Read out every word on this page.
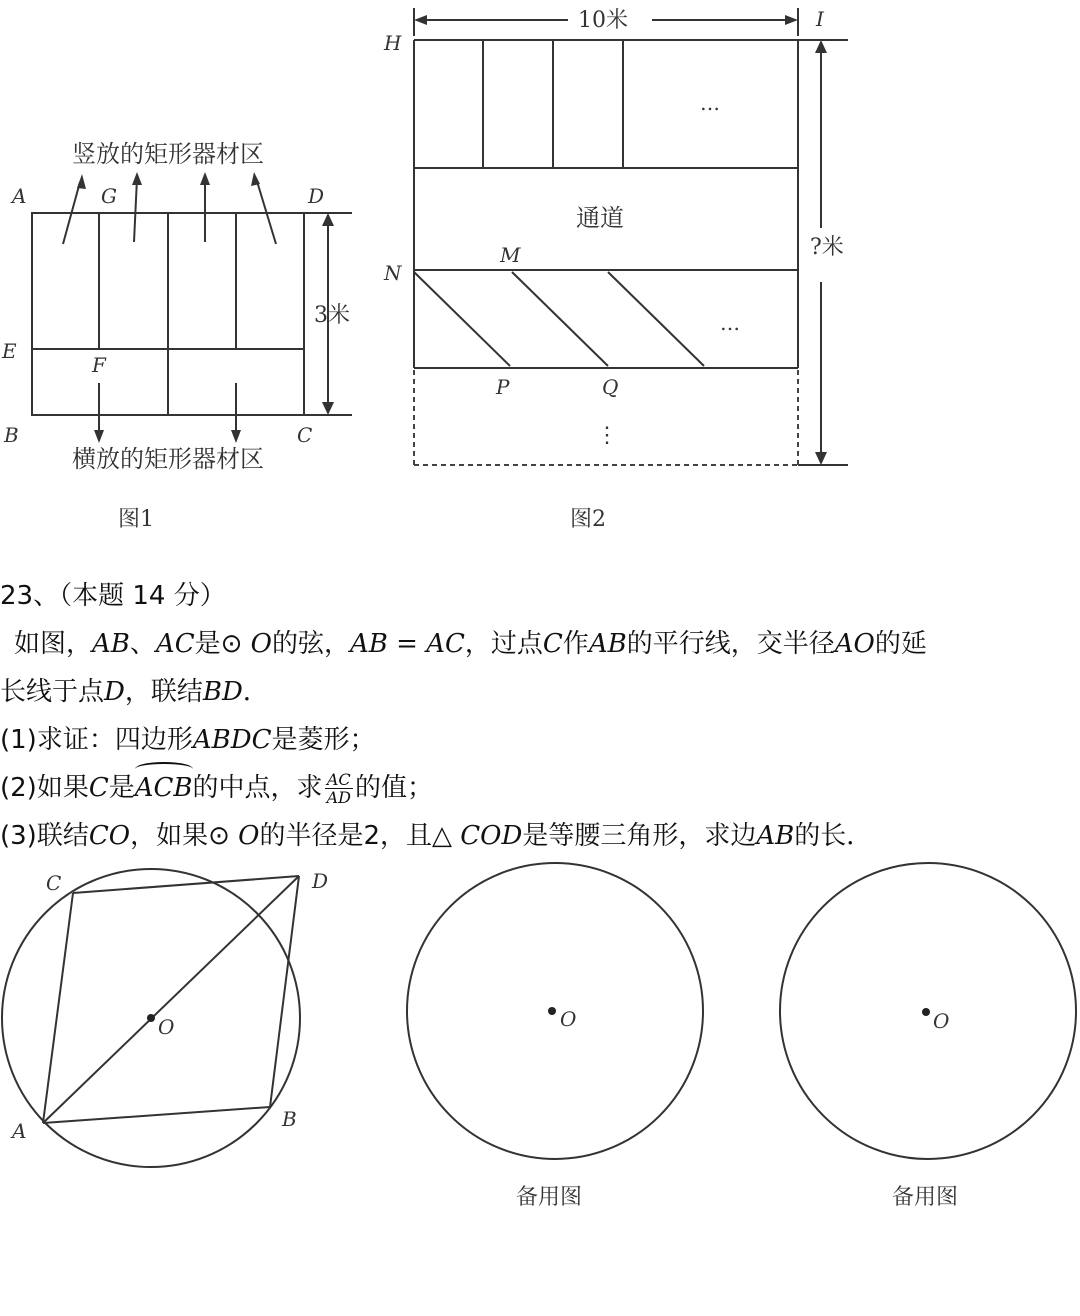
竖放的矩形器材区
横放的矩形器材区
3米
图1
A	G	D
E
F
B	C
10米
?米
通道
…
…
⋮
图2
H
I
N
M
P	Q
23、（本题 14 分）
如图，AB、AC是⊙ O的弦，AB = AC，过点C作AB的平行线，交半径AO的延
长线于点D，联结BD．
(1)求证：四边形ABDC是菱形；
(2)如果C是ACB的中点，求 $\frac{AC}{AD}$ 的值；
(3)联结CO，如果⊙ O的半径是2，且△ COD是等腰三角形，求边AB的长．
C	D
O
A	B
O	O
备用图	备用图
